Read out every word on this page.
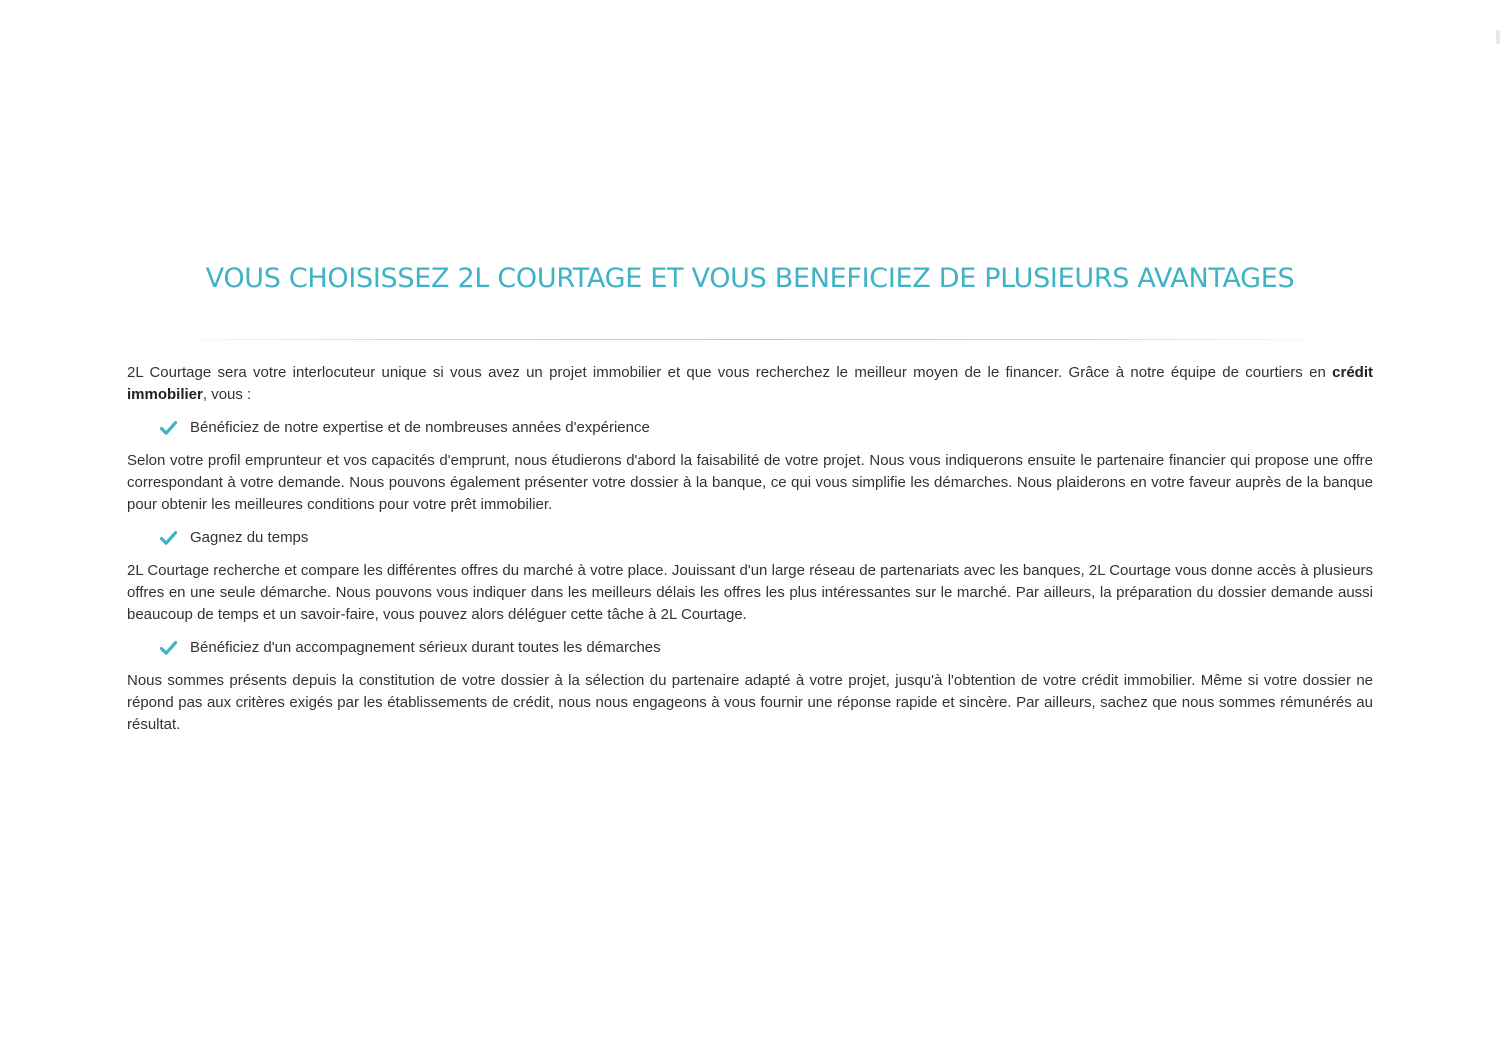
VOUS CHOISISSEZ 2L COURTAGE ET VOUS BENEFICIEZ DE PLUSIEURS AVANTAGES

2L Courtage sera votre interlocuteur unique si vous avez un projet immobilier et que vous recherchez le meilleur moyen de le financer. Grâce à notre équipe de courtiers en crédit immobilier, vous :

Bénéficiez de notre expertise et de nombreuses années d'expérience

Selon votre profil emprunteur et vos capacités d'emprunt, nous étudierons d'abord la faisabilité de votre projet. Nous vous indiquerons ensuite le partenaire financier qui propose une offre correspondant à votre demande. Nous pouvons également présenter votre dossier à la banque, ce qui vous simplifie les démarches. Nous plaiderons en votre faveur auprès de la banque pour obtenir les meilleures conditions pour votre prêt immobilier.

Gagnez du temps

2L Courtage recherche et compare les différentes offres du marché à votre place. Jouissant d'un large réseau de partenariats avec les banques, 2L Courtage vous donne accès à plusieurs offres en une seule démarche. Nous pouvons vous indiquer dans les meilleurs délais les offres les plus intéressantes sur le marché. Par ailleurs, la préparation du dossier demande aussi beaucoup de temps et un savoir-faire, vous pouvez alors déléguer cette tâche à 2L Courtage.

Bénéficiez d'un accompagnement sérieux durant toutes les démarches

Nous sommes présents depuis la constitution de votre dossier à la sélection du partenaire adapté à votre projet, jusqu'à l'obtention de votre crédit immobilier. Même si votre dossier ne répond pas aux critères exigés par les établissements de crédit, nous nous engageons à vous fournir une réponse rapide et sincère. Par ailleurs, sachez que nous sommes rémunérés au résultat.
